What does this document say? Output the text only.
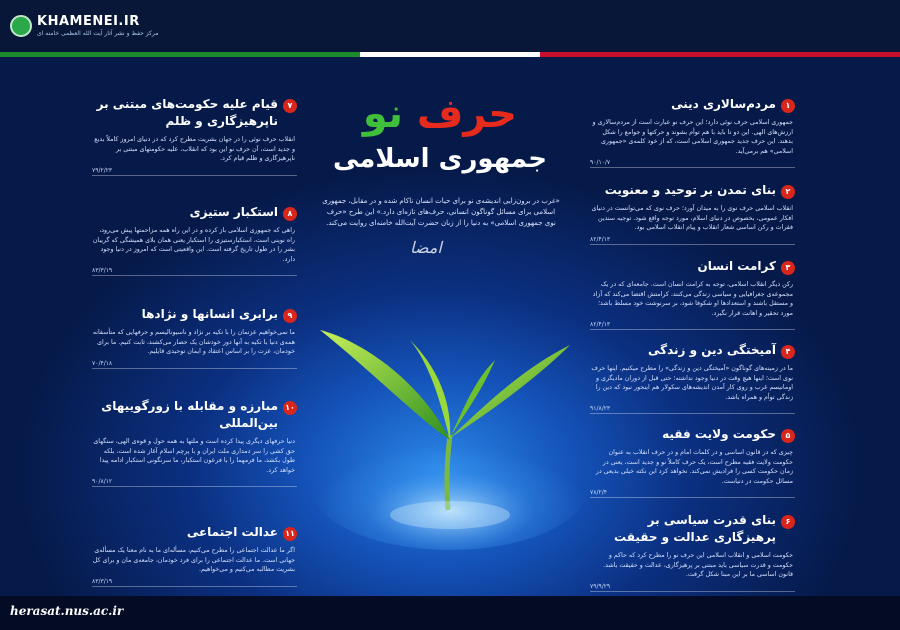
KHAMENEI.IR
مرکز حفظ و نشر آثار آیت الله العظمی خامنه ای
حرف نو
جمهوری اسلامی
«غرب در برون‌زایی اندیشه‌ی نو برای حیات انسان ناکام شده و در مقابل، جمهوری اسلامی برای مسائل گوناگون انسانی، حرف‌های تازه‌ای دارد.» این طرح «حرف نوی جمهوری اسلامی» به دنیا را از زبان حضرت آیت‌الله خامنه‌ای روایت می‌کند.
امضا
۱
مردم‌سالاری دینی
جمهوری اسلامی حرف نوئی دارد؛ این حرف نو عبارت است از مردم‌سالاری و ارزش‌های الهی. این دو تا باید با هم توأم بشوند و حرکتها و جوامع را شکل بدهند. این حرف جدید جمهوری اسلامی است، که از خود کلمه‌ی «جمهوری اسلامی» هم برمی‌آید.
۹۰/۱۰/۷
۲
بنای تمدن بر توحید و معنویت
انقلاب اسلامی حرف نوی را به میدان آورد؛ حرف نوی که می‌توانست در دنیای افکار عمومی، بخصوص در دنیای اسلام، مورد توجه واقع شود. توجیه سندین فقرات و رکن اساسی شعار انقلاب و پیام انقلاب اسلامی بود.
۸۲/۴/۱۳
۳
کرامت انسان
رکن دیگر انقلاب اسلامی، توجه به کرامت انسان است. جامعه‌ای که در یک مجموعه‌ی جغرافیایی و سیاسی زندگی می‌کنند، کرامتش اقتضا می‌کند که آزاد و مستقل باشند و استعدادها او شکوفا شود، بر سرنوشت خود مسلط باشد؛ مورد تحقیر و اهانت قرار نگیرد.
۸۲/۴/۱۳
۴
آمیختگی دین و زندگی
ما در زمینه‌های گوناگون «آمیختگی دین و زندگی» را مطرح میکنیم. اینها حرف نوی است؛ اینها هیچ وقت در دنیا وجود نداشته؛ حتی قبل از دوران مادیگری و اومانیسم غرب و روی کار آمدن اندیشه‌های سکولار هم اینجور نبود که دین را زندگی توأم و همراه باشد.
۹۱/۸/۲۳
۵
حکومت ولایت فقیه
چیزی که در قانون اساسی و در کلمات امام و در حرف انقلاب به عنوان حکومت ولایت فقیه مطرح است، یک حرف کاملاً نو و جدید است، یعنی در زمان حکومت کسی را فرادیش نمی‌کند. نخواهد کرد این نکته خیلی بدیعی در مسائل حکومت در دنیاست.
۷۸/۲/۴
۶
بنای قدرت سیاسی بر پرهیزگاری عدالت و حقیقت
حکومت اسلامی و انقلاب اسلامی این حرف نو را مطرح کرد که حاکم و حکومت و قدرت سیاسی باید مبتنی بر پرهیزگاری، عدالت و حقیقت باشد. قانون اساسی ما بر این مبنا شکل گرفت.
۷۹/۹/۲۹
۷
قیام علیه حکومت‌های مبتنی بر ناپرهیزگاری و ظلم
انقلاب حرف نوئی را در جهان بشریت مطرح کرد که در دنیای امروز کاملاً بدیع و جدید است، آن حرف نو این بود که انقلاب، علیه حکومتهای مبتنی بر ناپرهیزگاری و ظلم قیام کرد.
۷۹/۲/۲۳
۸
استکبار ستیزی
راهی که جمهوری اسلامی باز کرده و در این راه همه مزاحمتها پیش می‌رود، راه نوینی است، استکبارستیزی را استکبار یعنی همان بلای همیشگی که گریبان بشر را در طول تاریخ گرفته است. این واقعیتی است که امروز در دنیا وجود دارد.
۸۳/۳/۱۹
۹
برابری انسانها و نژادها
ما نمی‌خواهیم عزتمان را با تکیه بر نژاد و ناسیونالیسم و حرفهایی که متأسفانه همه‌ی دنیا با تکیه به آنها دور خودشان یک حصار می‌کشند، ثابت کنیم. ما برای خودمان، عزت را بر اساس اعتقاد و ایمان توحیدی قایلیم.
۷۰/۴/۱۸
۱۰
مبارزه و مقابله با زورگوییهای بین‌المللی
دنیا حرفهای دیگری پیدا کرده است و ملتها به همه حول و قوه‌ی الهی، سنگهای حق کشی را سر دمداری ملت ایران و با پرچم اسلام آغاز شده است، بلکه طول بکشد، ما فرمهما را با فرعون استکبار، ما سرنگونی استکبار ادامه پیدا خواهد کرد.
۹۰/۸/۱۲
۱۱
عدالت اجتماعی
اگر ما عدالت اجتماعی را مطرح می‌کنیم، مسأله‌ای ما به نام معنا یک مسأله‌ی جهانی است. ما عدالت اجتماعی را برای فرد خودمان، جامعه‌ی مان و برای کل بشریت مطالبه می‌کنیم و می‌خواهیم.
۸۳/۳/۱۹
herasat.nus.ac.ir
